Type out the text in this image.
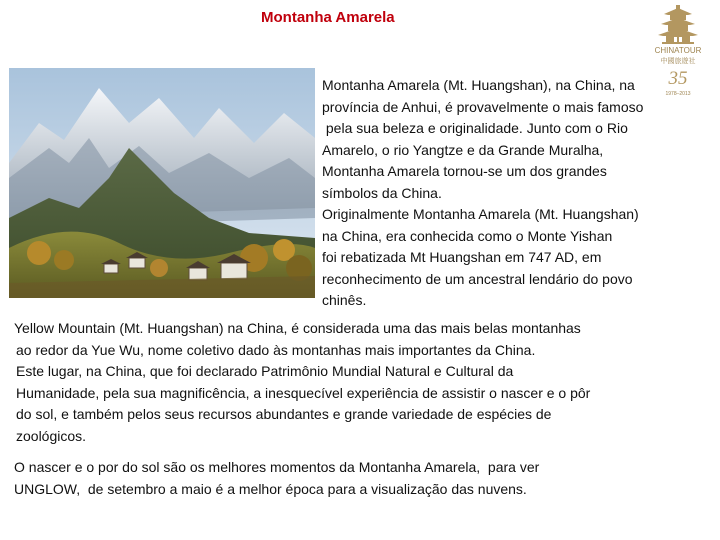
Montanha Amarela
CHINATOUR
中國旅遊社
35
1978–2013
Montanha Amarela (Mt. Huangshan), na China, na
província de Anhui, é provavelmente o mais famoso
pela sua beleza e originalidade. Junto com o Rio
Amarelo, o rio Yangtze e da Grande Muralha,
Montanha Amarela tornou-se um dos grandes
símbolos da China.
Originalmente Montanha Amarela (Mt. Huangshan)
na China, era conhecida como o Monte Yishan
foi rebatizada Mt Huangshan em 747 AD, em
reconhecimento de um ancestral lendário do povo
chinês.
Yellow Mountain (Mt. Huangshan) na China, é considerada uma das mais belas montanhas
ao redor da Yue Wu, nome coletivo dado às montanhas mais importantes da China.
Este lugar, na China, que foi declarado Patrimônio Mundial Natural e Cultural da
Humanidade, pela sua magnificência, a inesquecível experiência de assistir o nascer e o pôr
do sol, e também pelos seus recursos abundantes e grande variedade de espécies de
zoológicos.
O nascer e o por do sol são os melhores momentos da Montanha Amarela,  para ver
UNGLOW,  de setembro a maio é a melhor época para a visualização das nuvens.
